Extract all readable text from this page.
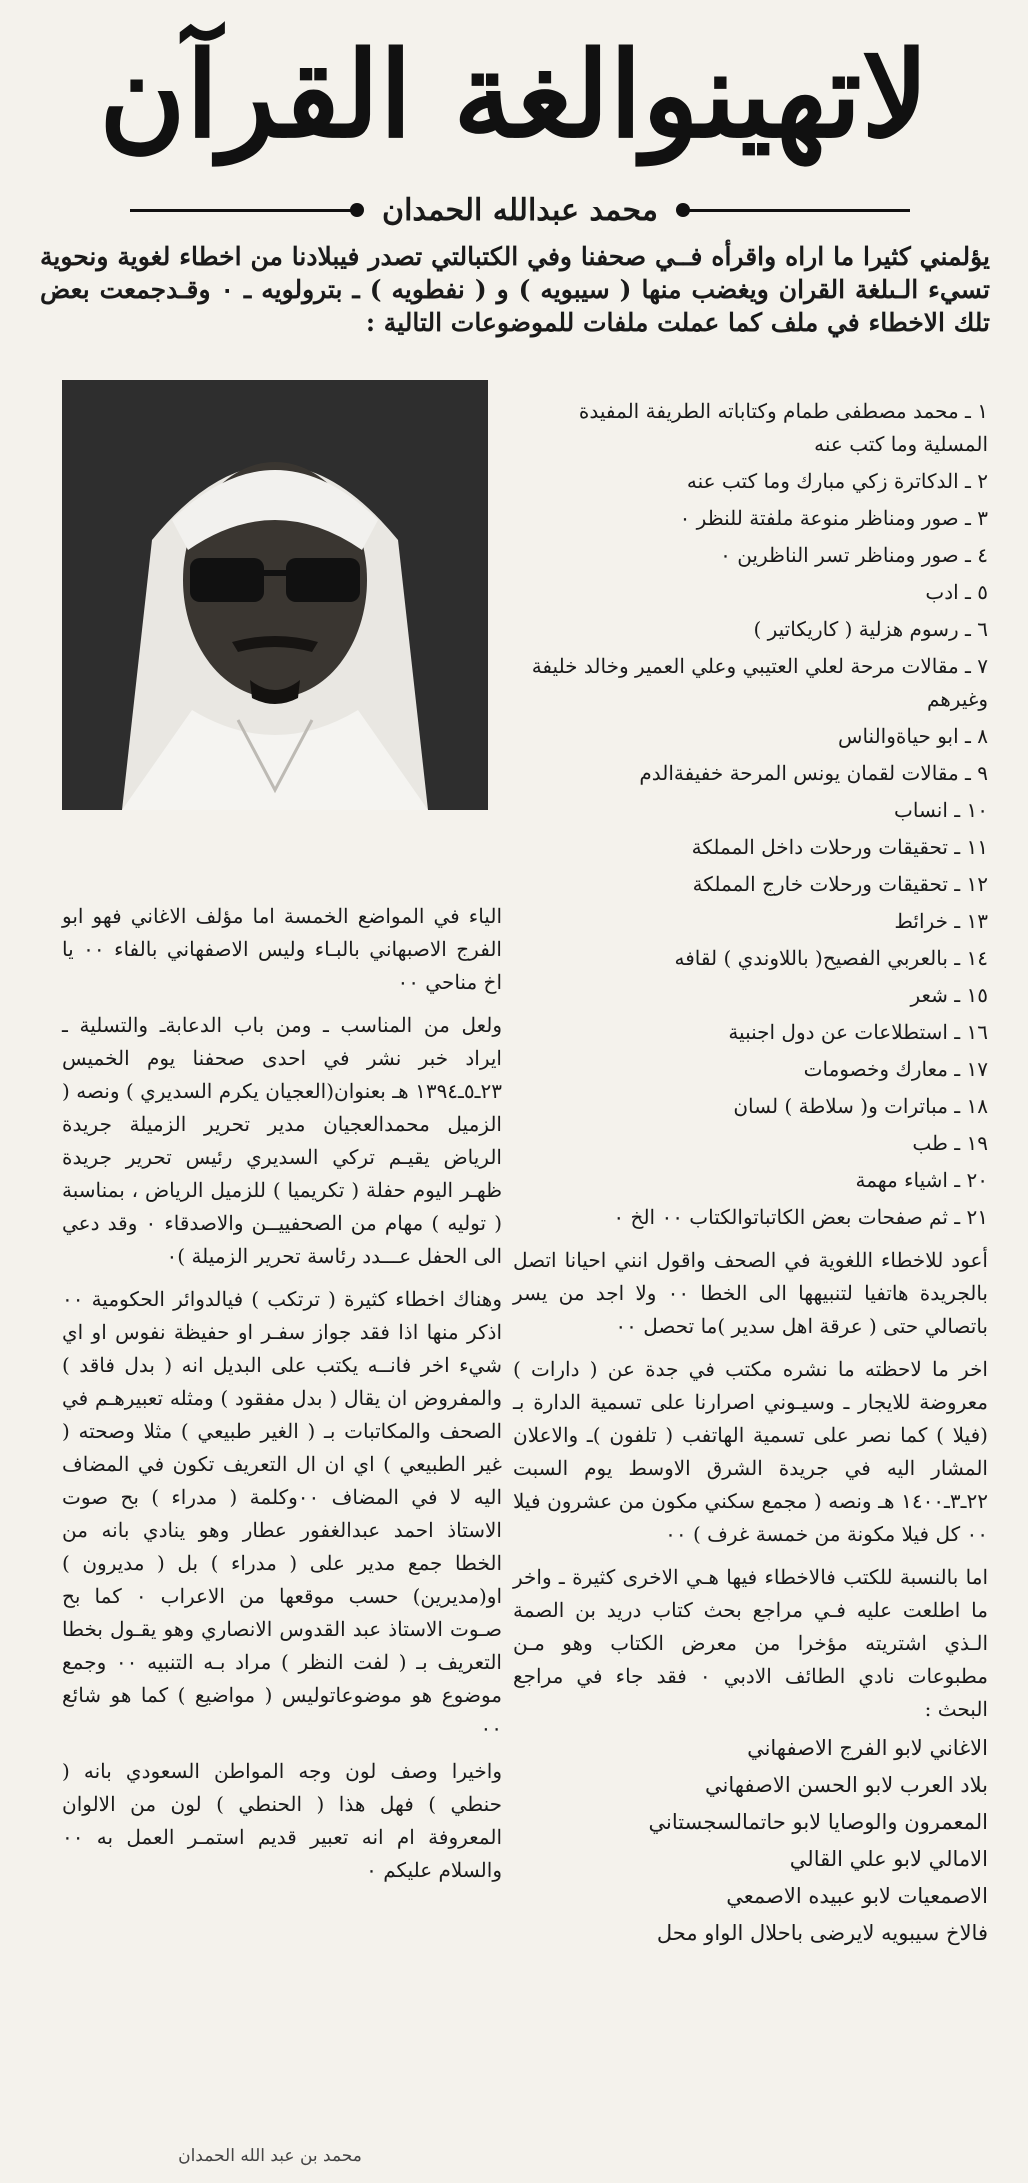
لاتهينوالغة القرآن
محمد عبدالله الحمدان
يؤلمني كثيرا ما اراه واقرأه فــي صحفنا وفي الكتبالتي تصدر فيبلادنا من اخطاء لغوية ونحوية تسيء الـىلغة القران ويغضب منها ( سيبويه ) و ( نفطويه ) ـ بترولويه ـ ٠ وقـدجمعت بعض تلك الاخطاء في ملف كما عملت ملفات للموضوعات التالية :
١ ـ محمد مصطفى طمام وكتاباته الطريفة المفيدة المسلية وما كتب عنه
٢ ـ الدكاترة زكي مبارك وما كتب عنه
٣ ـ صور ومناظر منوعة ملفتة للنظر ٠
٤ ـ صور ومناظر تسر الناظرين ٠
٥ ـ ادب
٦ ـ رسوم هزلية ( كاريكاتير )
٧ ـ مقالات مرحة لعلي العتيبي وعلي العمير وخالد خليفة وغيرهم
٨ ـ ابو حياةوالناس
٩ ـ مقالات لقمان يونس المرحة خفيفةالدم
١٠ ـ انساب
١١ ـ تحقيقات ورحلات داخل المملكة
١٢ ـ تحقيقات ورحلات خارج المملكة
١٣ ـ خرائط
١٤ ـ بالعربي الفصيح( باللاوندي ) لقافه
١٥ ـ شعر
١٦ ـ استطلاعات عن دول اجنبية
١٧ ـ معارك وخصومات
١٨ ـ مباترات و( سلاطة ) لسان
١٩ ـ طب
٢٠ ـ اشياء مهمة
٢١ ـ ثم صفحات بعض الكاتباتوالكتاب ٠٠ الخ ٠

أعود للاخطاء اللغوية في الصحف واقول انني احيانا اتصل بالجريدة هاتفيا لتنبيهها الى الخطا ٠٠ ولا اجد من يسر باتصالي حتى ( عرقة اهل سدير )ما تحصل ٠٠

اخر ما لاحظته ما نشره مكتب في جدة عن ( دارات ) معروضة للايجار ـ وسيـوني اصرارنا على تسمية الدارة بـ (فيلا ) كما نصر على تسمية الهاتفب ( تلفون )ـ والاعلان المشار اليه في جريدة الشرق الاوسط يوم السبت ٢٢ـ٣ـ١٤٠٠ هـ ونصه ( مجمع سكني مكون من عشرون فيلا ٠٠ كل فيلا مكونة من خمسة غرف ) ٠٠

اما بالنسبة للكتب فالاخطاء فيها هـي الاخرى كثيرة ـ واخر ما اطلعت عليه فـي مراجع بحث كتاب دريد بن الصمة الـذي اشتريته مؤخرا من معرض الكتاب وهو مـن مطبوعات نادي الطائف الادبي ٠ فقد جاء في مراجع البحث :

الاغاني لابو الفرج الاصفهاني
بلاد العرب لابو الحسن الاصفهاني
المعمرون والوصايا لابو حاتمالسجستاني
الامالي لابو علي القالي
الاصمعيات لابو عبيده الاصمعي
فالاخ سيبويه لايرضى باحلال الواو محل

الياء في المواضع الخمسة اما مؤلف الاغاني فهو ابو الفرج الاصبهاني بالبـاء وليس الاصفهاني بالفاء ٠٠ يا اخ مناحي ٠٠

ولعل من المناسب ـ ومن باب الدعابةـ والتسلية ـ ايراد خبر نشر في احدى صحفنا يوم الخميس ٢٣ـ٥ـ١٣٩٤ هـ بعنوان(العجيان يكرم السديري ) ونصه ( الزميل محمدالعجيان مدير تحرير الزميلة جريدة الرياض يقيـم تركي السديري رئيس تحرير جريدة ظهـر اليوم حفلة ( تكريميا ) للزميل الرياض ، بمناسبة ( توليه ) مهام من الصحفييــن والاصدقاء ٠ وقد دعي الى الحفل عـــدد رئاسة تحرير الزميلة )٠

وهناك اخطاء كثيرة ( ترتكب ) فيالدوائر الحكومية ٠٠ اذكر منها اذا فقد جواز سفـر او حفيظة نفوس او اي شيء اخر فانــه يكتب على البديل انه ( بدل فاقد ) والمفروض ان يقال ( بدل مفقود ) ومثله تعبيرهـم في الصحف والمكاتبات بـ ( الغير طبيعي ) مثلا وصحته ( غير الطبيعي ) اي ان ال التعريف تكون في المضاف اليه لا في المضاف ٠٠وكلمة ( مدراء ) بح صوت الاستاذ احمد عبدالغفور عطار وهو ينادي بانه من الخطا جمع مدير على ( مدراء ) بل ( مديرون ) او(مديرين) حسب موقعها من الاعراب ٠ كما بح صـوت الاستاذ عبد القدوس الانصاري وهو يقـول بخطا التعريف بـ ( لفت النظر ) مراد بـه التنبيه ٠٠ وجمع موضوع هو موضوعاتوليس ( مواضيع ) كما هو شائع ٠٠

واخيرا وصف لون وجه المواطن السعودي بانه ( حنطي ) فهل هذا ( الحنطي ) لون من الالوان المعروفة ام انه تعبير قديم استمـر العمل به ٠٠ والسلام عليكم ٠

محمد بن عبد الله الحمدان
